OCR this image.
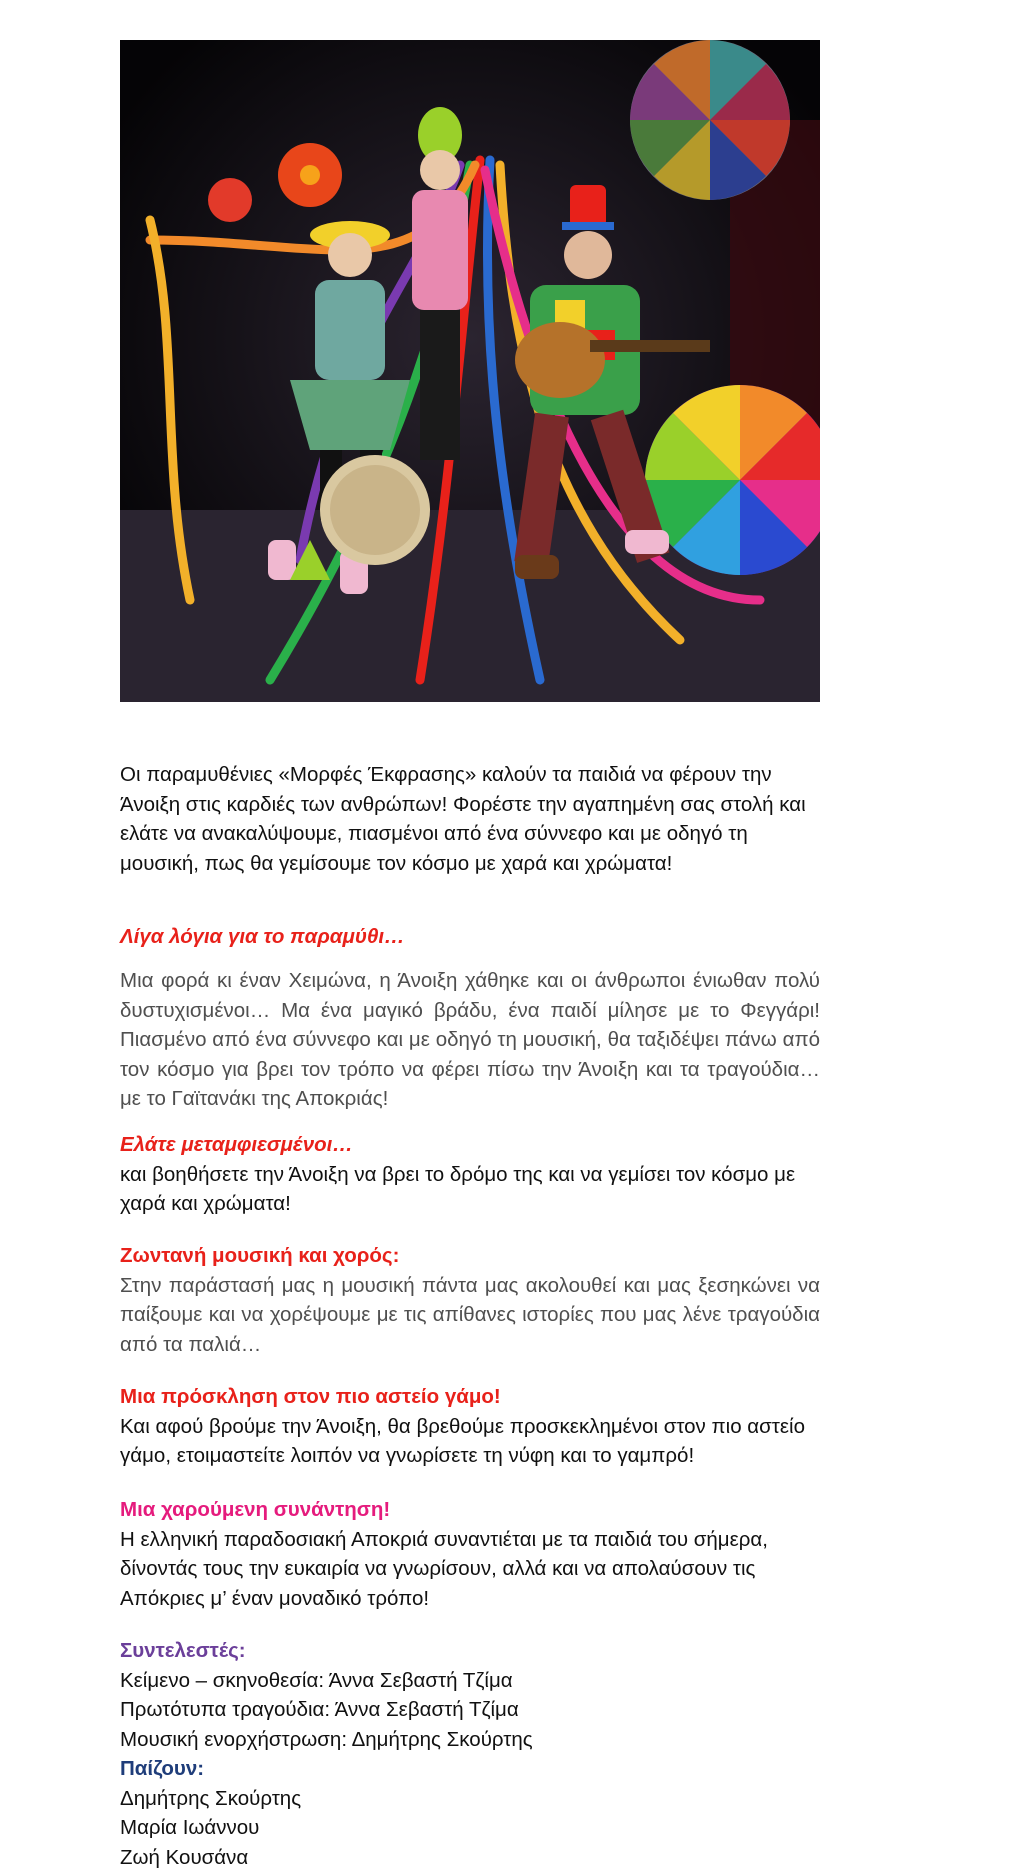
Οι παραμυθένιες «Μορφές Έκφρασης» καλούν τα παιδιά να φέρουν την Άνοιξη στις καρδιές των ανθρώπων! Φορέστε την αγαπημένη σας στολή και ελάτε να ανακαλύψουμε, πιασμένοι από ένα σύννεφο και με οδηγό τη μουσική, πως θα γεμίσουμε τον κόσμο με χαρά και χρώματα!
Λίγα λόγια για το παραμύθι…
Μια φορά κι έναν Χειμώνα, η Άνοιξη χάθηκε και οι άνθρωποι ένιωθαν πολύ δυστυχισμένοι… Μα ένα μαγικό βράδυ, ένα παιδί μίλησε με το Φεγγάρι! Πιασμένο από ένα σύννεφο και με οδηγό τη μουσική, θα ταξιδέψει πάνω από τον κόσμο για βρει τον τρόπο να φέρει πίσω την Άνοιξη και τα τραγούδια… με το Γαϊτανάκι της Αποκριάς!
Ελάτε μεταμφιεσμένοι…
και βοηθήσετε την Άνοιξη να βρει το δρόμο της και να γεμίσει τον κόσμο με χαρά και χρώματα!
Ζωντανή μουσική και χορός:
Στην παράστασή μας η μουσική πάντα μας ακολουθεί και μας ξεσηκώνει να παίξουμε και να χορέψουμε με τις απίθανες ιστορίες που μας λένε τραγούδια από τα παλιά…
Μια πρόσκληση στον πιο αστείο γάμο!
Και αφού βρούμε την Άνοιξη, θα βρεθούμε προσκεκλημένοι στον πιο αστείο γάμο, ετοιμαστείτε λοιπόν να γνωρίσετε τη νύφη και το γαμπρό!
Μια χαρούμενη συνάντηση!
Η ελληνική παραδοσιακή Αποκριά συναντιέται με τα παιδιά του σήμερα, δίνοντάς τους την ευκαιρία να γνωρίσουν, αλλά και να απολαύσουν τις Απόκριες μ’ έναν μοναδικό τρόπο!
Συντελεστές:
Κείμενο – σκηνοθεσία: Άννα Σεβαστή Τζίμα
Πρωτότυπα τραγούδια: Άννα Σεβαστή Τζίμα
Μουσική ενορχήστρωση: Δημήτρης Σκούρτης
Παίζουν:
Δημήτρης Σκούρτης
Μαρία Ιωάννου
Ζωή Κουσάνα
